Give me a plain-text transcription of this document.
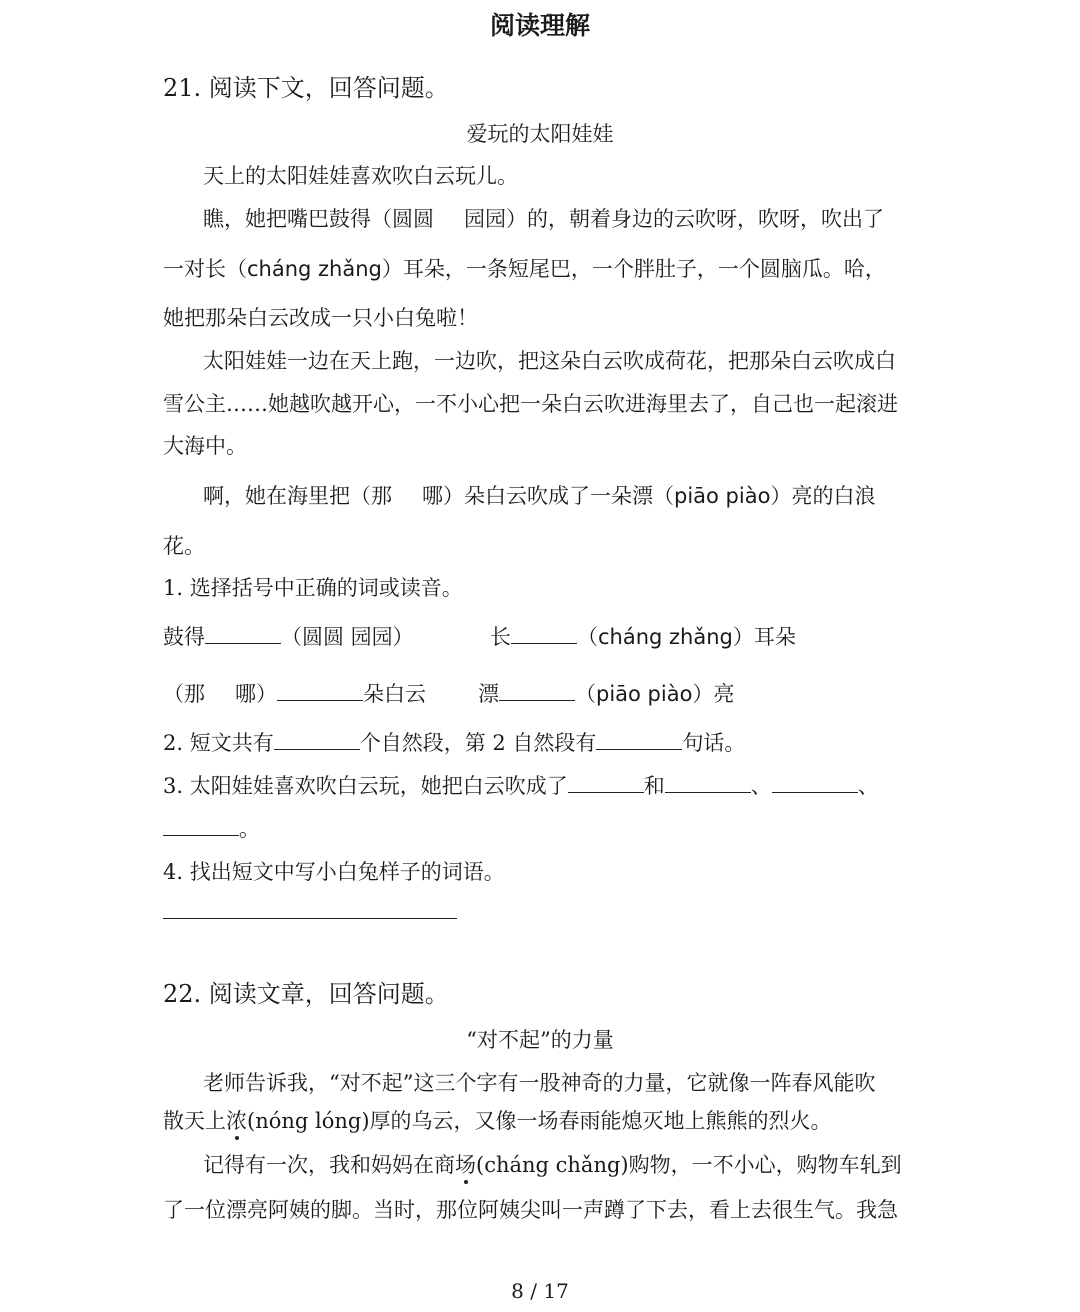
阅读理解
21. 阅读下文，回答问题。
爱玩的太阳娃娃
天上的太阳娃娃喜欢吹白云玩儿。
瞧，她把嘴巴鼓得（圆圆 园园）的，朝着身边的云吹呀，吹呀，吹出了
一对长（cháng zhǎng）耳朵，一条短尾巴，一个胖肚子，一个圆脑瓜。哈，
她把那朵白云改成一只小白兔啦！
太阳娃娃一边在天上跑，一边吹，把这朵白云吹成荷花，把那朵白云吹成白
雪公主……她越吹越开心，一不小心把一朵白云吹进海里去了，自己也一起滚进
大海中。
啊，她在海里把（那 哪）朵白云吹成了一朵漂（piāo piào）亮的白浪
花。
1. 选择括号中正确的词或读音。
鼓得	（圆圆 园园）	长	（cháng zhǎng）耳朵
（那 哪）	朵白云 漂	（piāo piào）亮
2. 短文共有	个自然段，第 2 自然段有	句话。
3. 太阳娃娃喜欢吹白云玩，她把白云吹成了	和	、	、
。
4. 找出短文中写小白兔样子的词语。
22. 阅读文章，回答问题。
“对不起”的力量
老师告诉我，“对不起”这三个字有一股神奇的力量，它就像一阵春风能吹
散天上浓(nóng lóng)厚的乌云，又像一场春雨能熄灭地上熊熊的烈火。
记得有一次，我和妈妈在商场(cháng chǎng)购物，一不小心，购物车轧到
了一位漂亮阿姨的脚。当时，那位阿姨尖叫一声蹲了下去，看上去很生气。我急
8 / 17
